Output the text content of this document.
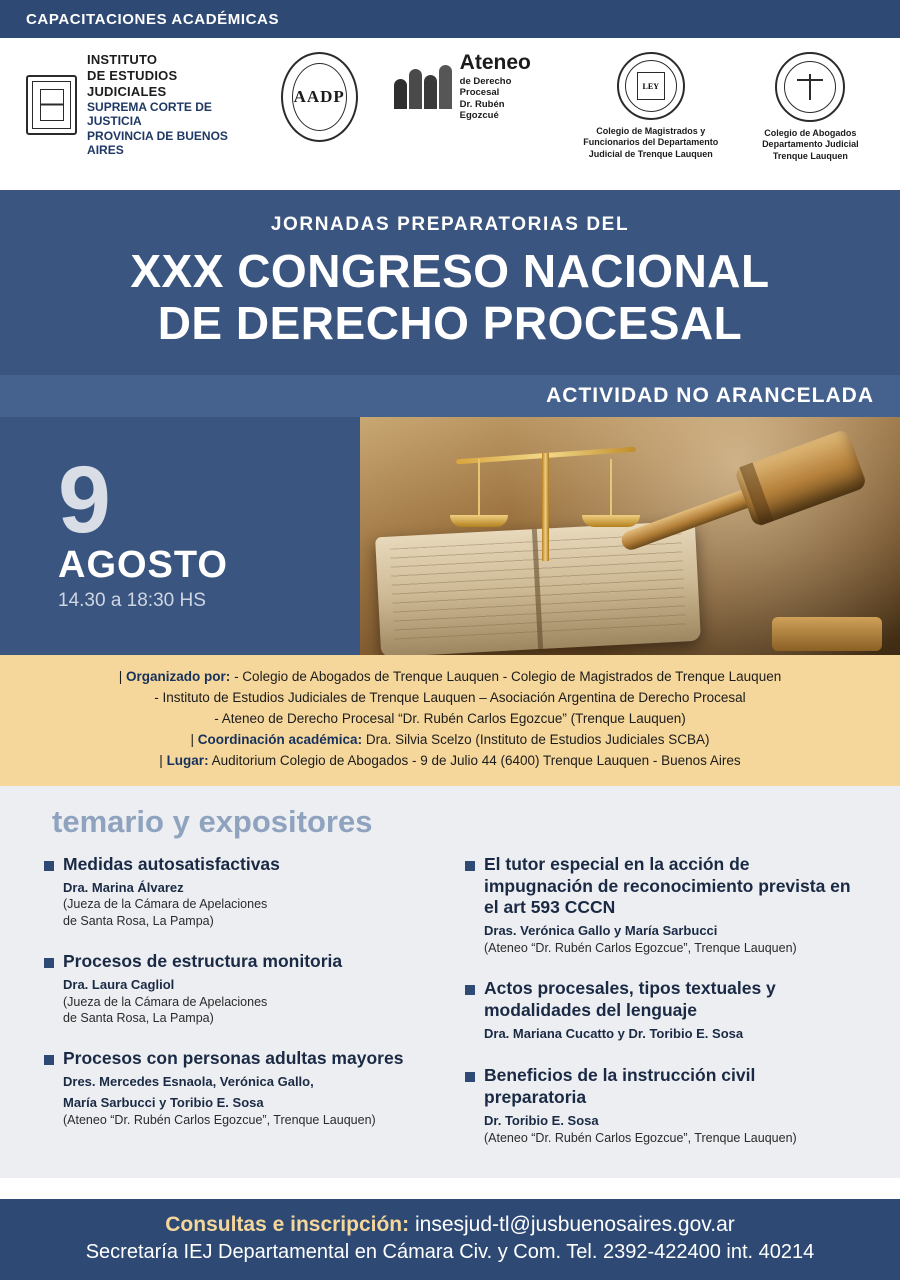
CAPACITACIONES ACADÉMICAS
INSTITUTO
DE ESTUDIOS JUDICIALES
SUPREMA CORTE DE JUSTICIA
PROVINCIA DE BUENOS AIRES
AADP
Ateneo
de Derecho Procesal
Dr. Rubén Egozcué
LEY
Colegio de Magistrados y Funcionarios del Departamento Judicial de Trenque Lauquen
Colegio de Abogados Departamento Judicial Trenque Lauquen
JORNADAS PREPARATORIAS DEL
XXX CONGRESO NACIONAL
DE DERECHO PROCESAL
ACTIVIDAD NO ARANCELADA
9
AGOSTO
14.30 a 18:30 HS
| Organizado por: - Colegio de Abogados de Trenque Lauquen - Colegio de Magistrados de Trenque Lauquen
- Instituto de Estudios Judiciales de Trenque Lauquen – Asociación Argentina de Derecho Procesal
- Ateneo de Derecho Procesal “Dr. Rubén Carlos Egozcue” (Trenque Lauquen)
| Coordinación académica: Dra. Silvia Scelzo (Instituto de Estudios Judiciales SCBA)
| Lugar: Auditorium Colegio de Abogados - 9 de Julio 44 (6400) Trenque Lauquen - Buenos Aires
temario y expositores
Medidas autosatisfactivas
Dra. Marina Álvarez
(Jueza de la Cámara de Apelaciones
de Santa Rosa, La Pampa)
Procesos de estructura monitoria
Dra. Laura Cagliol
(Jueza de la Cámara de Apelaciones
de Santa Rosa, La Pampa)
Procesos con personas adultas mayores
Dres. Mercedes Esnaola, Verónica Gallo,
María Sarbucci y Toribio E. Sosa
(Ateneo “Dr. Rubén Carlos Egozcue”, Trenque Lauquen)
El tutor especial en la acción de impugnación de reconocimiento prevista en el art 593 CCCN
Dras. Verónica Gallo y María Sarbucci
(Ateneo “Dr. Rubén Carlos Egozcue”, Trenque Lauquen)
Actos procesales, tipos textuales y modalidades del lenguaje
Dra. Mariana Cucatto y Dr. Toribio E. Sosa
Beneficios de la instrucción civil preparatoria
Dr. Toribio E. Sosa
(Ateneo “Dr. Rubén Carlos Egozcue”, Trenque Lauquen)
Consultas e inscripción: insesjud-tl@jusbuenosaires.gov.ar
Secretaría IEJ Departamental en Cámara Civ. y Com. Tel. 2392-422400 int. 40214
